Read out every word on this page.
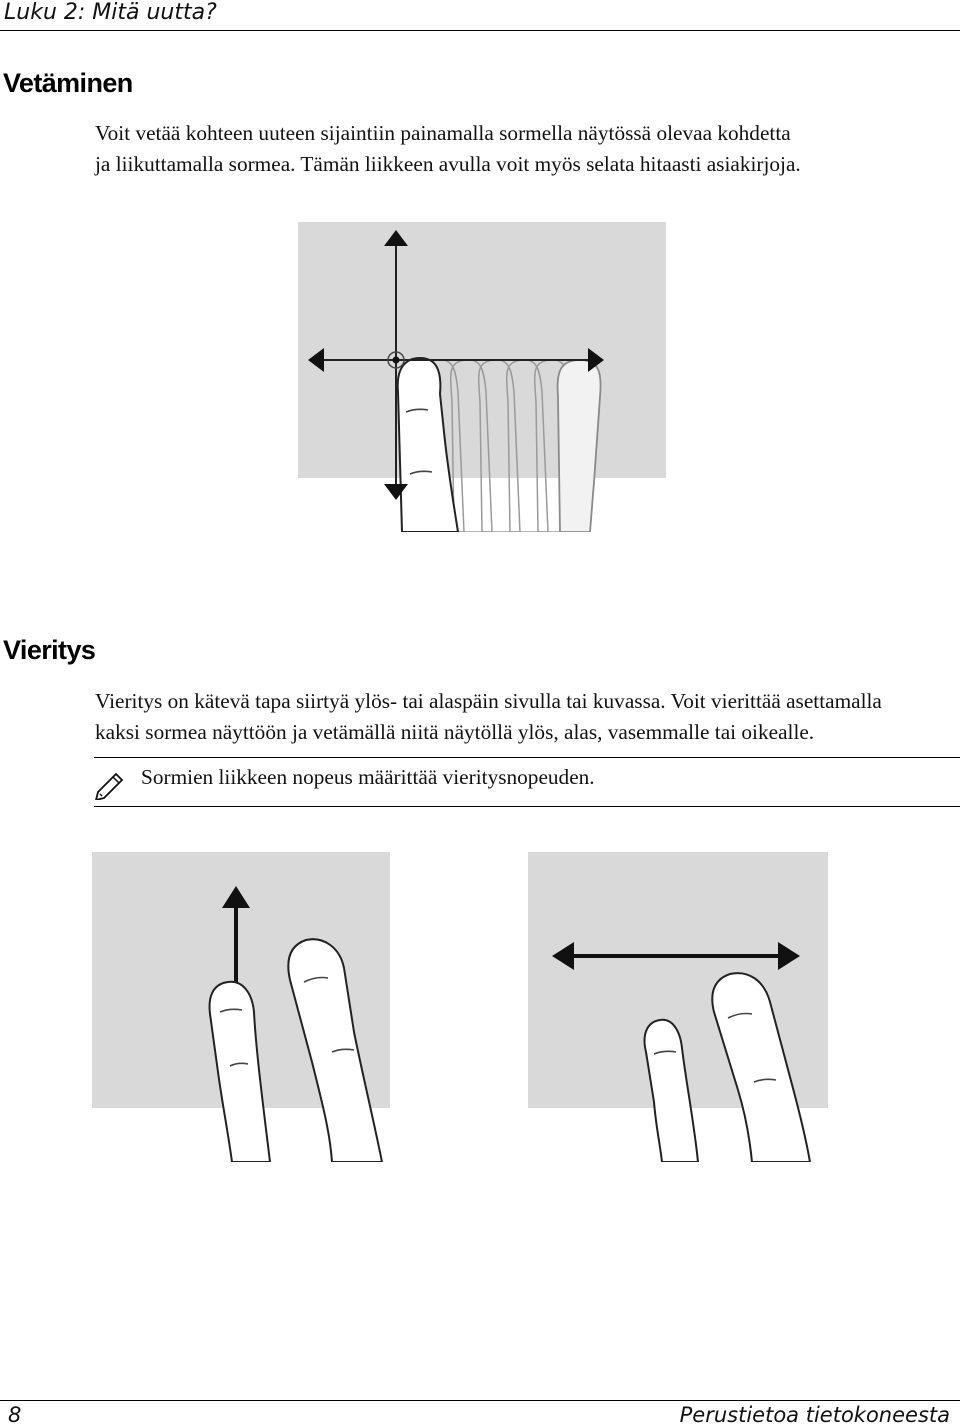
Luku 2: Mitä uutta?
Vetäminen

Voit vetää kohteen uuteen sijaintiin painamalla sormella näytössä olevaa kohdetta
ja liikuttamalla sormea. Tämän liikkeen avulla voit myös selata hitaasti asiakirjoja.

Vieritys

Vieritys on kätevä tapa siirtyä ylös- tai alaspäin sivulla tai kuvassa. Voit vierittää asettamalla
kaksi sormea näyttöön ja vetämällä niitä näytöllä ylös, alas, vasemmalle tai oikealle.

Sormien liikkeen nopeus määrittää vieritysnopeuden.
8	Perustietoa tietokoneesta
